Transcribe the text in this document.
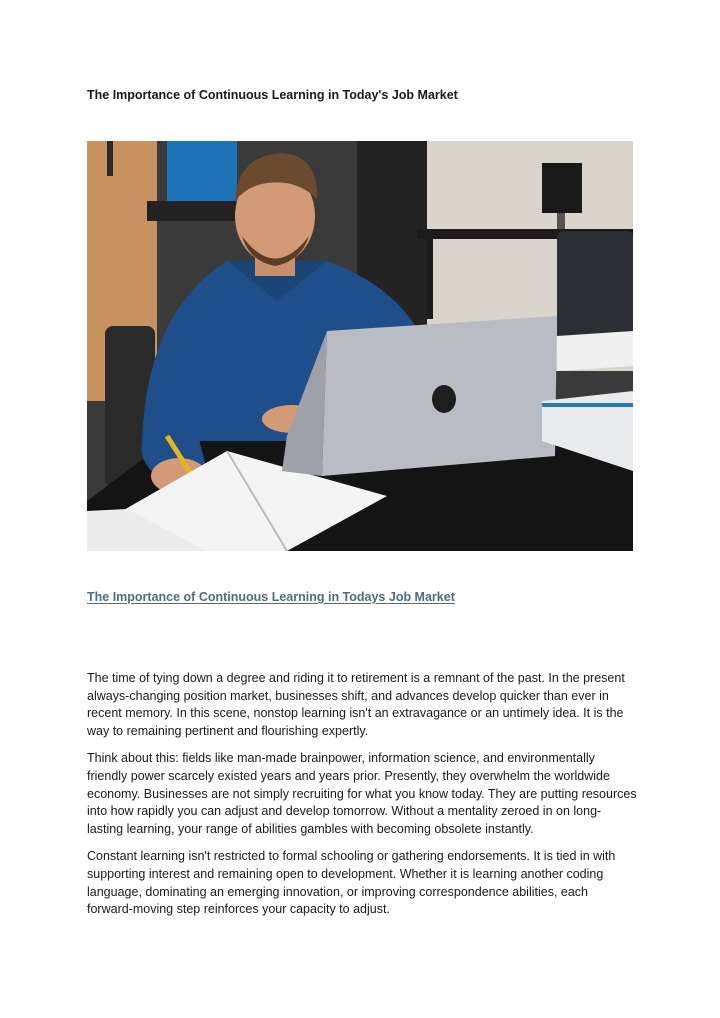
The Importance of Continuous Learning in Today's Job Market
The Importance of Continuous Learning in Todays Job Market

The time of tying down a degree and riding it to retirement is a remnant of the past. In the present always-changing position market, businesses shift, and advances develop quicker than ever in recent memory. In this scene, nonstop learning isn't an extravagance or an untimely idea. It is the way to remaining pertinent and flourishing expertly.

Think about this: fields like man-made brainpower, information science, and environmentally friendly power scarcely existed years and years prior. Presently, they overwhelm the worldwide economy. Businesses are not simply recruiting for what you know today. They are putting resources into how rapidly you can adjust and develop tomorrow. Without a mentality zeroed in on long-lasting learning, your range of abilities gambles with becoming obsolete instantly.

Constant learning isn't restricted to formal schooling or gathering endorsements. It is tied in with supporting interest and remaining open to development. Whether it is learning another coding language, dominating an emerging innovation, or improving correspondence abilities, each forward-moving step reinforces your capacity to adjust.
